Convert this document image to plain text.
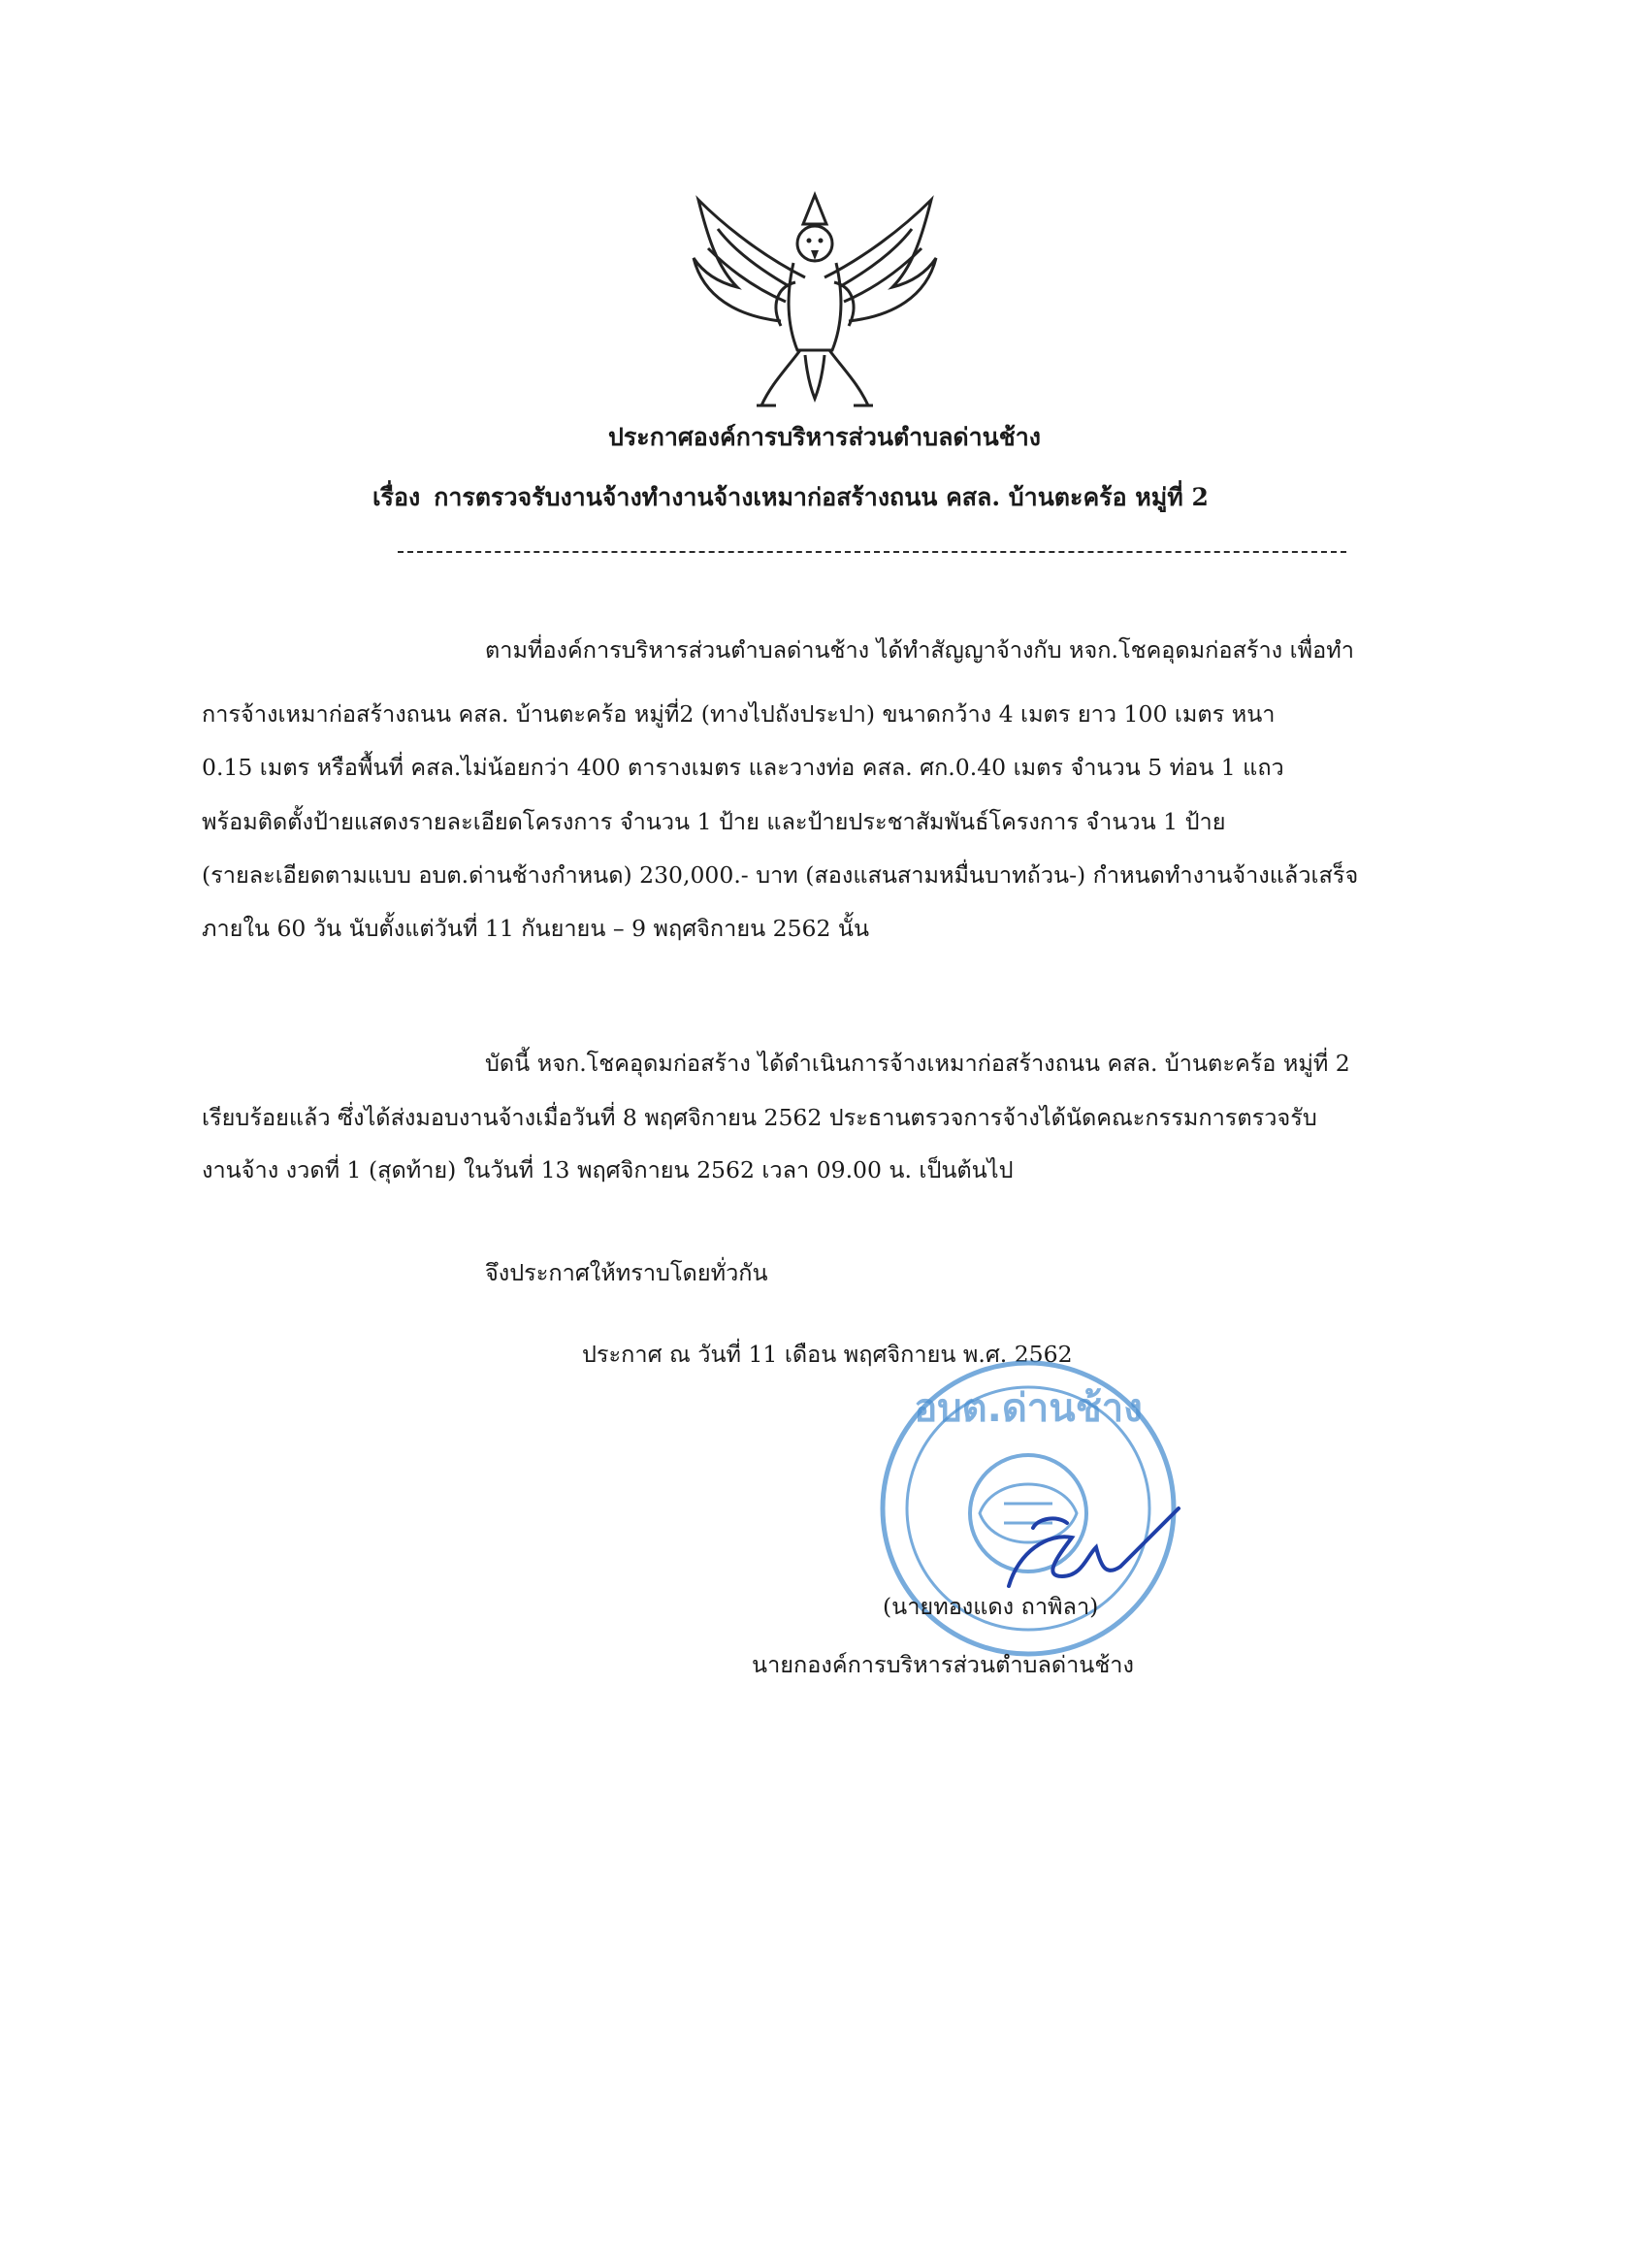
ประกาศองค์การบริหารส่วนตำบลด่านช้าง
เรื่อง การตรวจรับงานจ้างทำงานจ้างเหมาก่อสร้างถนน คสล. บ้านตะคร้อ หมู่ที่ 2
ตามที่องค์การบริหารส่วนตำบลด่านช้าง ได้ทำสัญญาจ้างกับ หจก.โชคอุดมก่อสร้าง เพื่อทำ
การจ้างเหมาก่อสร้างถนน คสล. บ้านตะคร้อ หมู่ที่2 (ทางไปถังประปา) ขนาดกว้าง 4 เมตร ยาว 100 เมตร หนา
0.15 เมตร หรือพื้นที่ คสล.ไม่น้อยกว่า 400 ตารางเมตร และวางท่อ คสล. ศก.0.40 เมตร จำนวน 5 ท่อน 1 แถว
พร้อมติดตั้งป้ายแสดงรายละเอียดโครงการ จำนวน 1 ป้าย และป้ายประชาสัมพันธ์โครงการ จำนวน 1 ป้าย
(รายละเอียดตามแบบ อบต.ด่านช้างกำหนด) 230,000.- บาท (สองแสนสามหมื่นบาทถ้วน-) กำหนดทำงานจ้างแล้วเสร็จ
ภายใน 60 วัน นับตั้งแต่วันที่ 11 กันยายน – 9 พฤศจิกายน 2562 นั้น
บัดนี้ หจก.โชคอุดมก่อสร้าง ได้ดำเนินการจ้างเหมาก่อสร้างถนน คสล. บ้านตะคร้อ หมู่ที่ 2
เรียบร้อยแล้ว ซึ่งได้ส่งมอบงานจ้างเมื่อวันที่ 8 พฤศจิกายน 2562 ประธานตรวจการจ้างได้นัดคณะกรรมการตรวจรับ
งานจ้าง งวดที่ 1 (สุดท้าย) ในวันที่ 13 พฤศจิกายน 2562 เวลา 09.00 น. เป็นต้นไป
จึงประกาศให้ทราบโดยทั่วกัน
ประกาศ ณ วันที่ 11 เดือน พฤศจิกายน พ.ศ. 2562
อบต.ด่านช้าง
(นายทองแดง ถาพิลา)
นายกองค์การบริหารส่วนตำบลด่านช้าง
